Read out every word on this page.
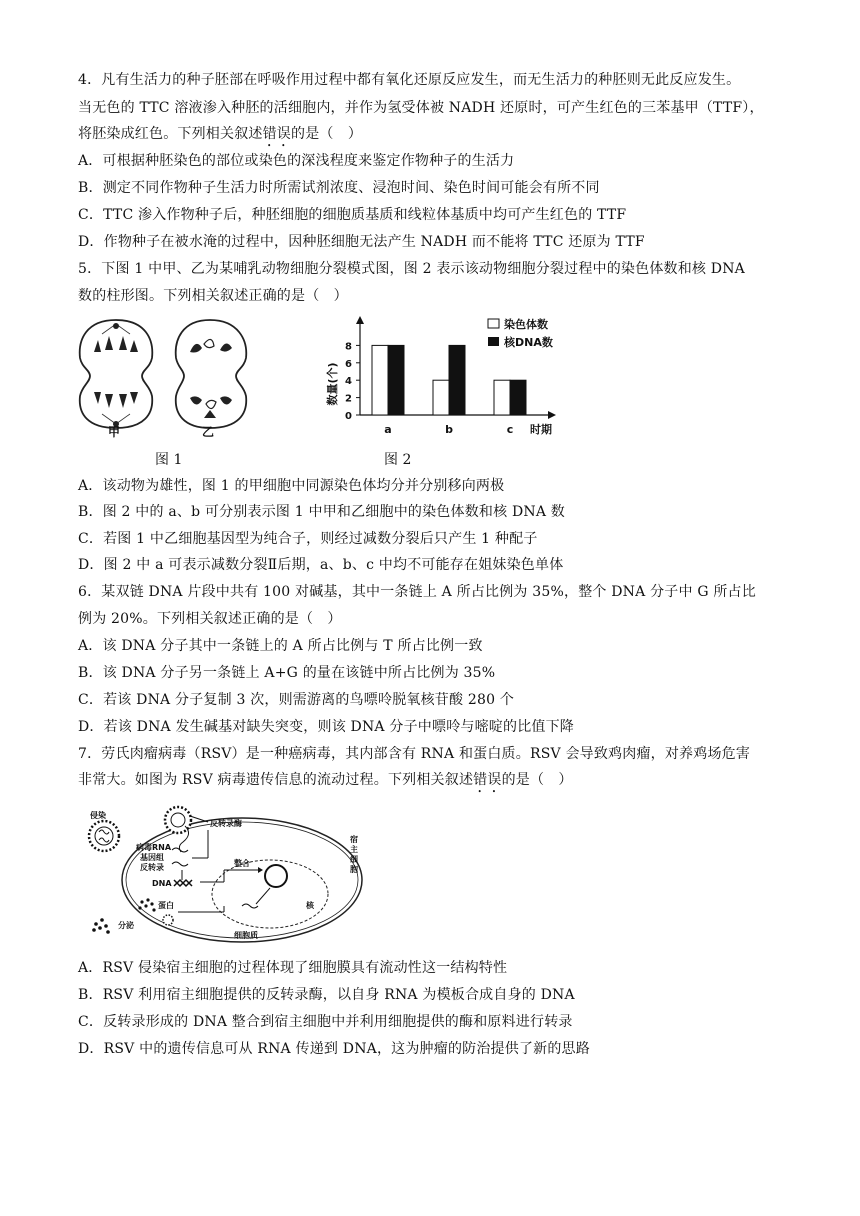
4．凡有生活力的种子胚部在呼吸作用过程中都有氧化还原反应发生，而无生活力的种胚则无此反应发生。
当无色的 TTC 溶液渗入种胚的活细胞内，并作为氢受体被 NADH 还原时，可产生红色的三苯基甲（TTF），
将胚染成红色。下列相关叙述错误的是（　）
A．可根据种胚染色的部位或染色的深浅程度来鉴定作物种子的生活力
B．测定不同作物种子生活力时所需试剂浓度、浸泡时间、染色时间可能会有所不同
C．TTC 渗入作物种子后，种胚细胞的细胞质基质和线粒体基质中均可产生红色的 TTF
D．作物种子在被水淹的过程中，因种胚细胞无法产生 NADH 而不能将 TTC 还原为 TTF
5．下图 1 中甲、乙为某哺乳动物细胞分裂模式图，图 2 表示该动物细胞分裂过程中的染色体数和核 DNA
数的柱形图。下列相关叙述正确的是（　）
甲	乙
图 1
数量(个)
0
2
4
6
8
a	b	c 时期
染色体数
核DNA数
图 2
A．该动物为雄性，图 1 的甲细胞中同源染色体均分并分别移向两极
B．图 2 中的 a、b 可分别表示图 1 中甲和乙细胞中的染色体数和核 DNA 数
C．若图 1 中乙细胞基因型为纯合子，则经过减数分裂后只产生 1 种配子
D．图 2 中 a 可表示减数分裂Ⅱ后期，a、b、c 中均不可能存在姐妹染色单体
6．某双链 DNA 片段中共有 100 对碱基，其中一条链上 A 所占比例为 35%，整个 DNA 分子中 G 所占比
例为 20%。下列相关叙述正确的是（　）
A．该 DNA 分子其中一条链上的 A 所占比例与 T 所占比例一致
B．该 DNA 分子另一条链上 A+G 的量在该链中所占比例为 35%
C．若该 DNA 分子复制 3 次，则需游离的鸟嘌呤脱氧核苷酸 280 个
D．若该 DNA 发生碱基对缺失突变，则该 DNA 分子中嘌呤与嘧啶的比值下降
7．劳氏肉瘤病毒（RSV）是一种癌病毒，其内部含有 RNA 和蛋白质。RSV 会导致鸡肉瘤，对养鸡场危害
非常大。如图为 RSV 病毒遗传信息的流动过程。下列相关叙述错误的是（　）
侵染
反转录酶
病毒RNA
基因组
反转录
DNA
整合
核
蛋白
分泌
细胞质
宿主细胞
A．RSV 侵染宿主细胞的过程体现了细胞膜具有流动性这一结构特性
B．RSV 利用宿主细胞提供的反转录酶，以自身 RNA 为模板合成自身的 DNA
C．反转录形成的 DNA 整合到宿主细胞中并利用细胞提供的酶和原料进行转录
D．RSV 中的遗传信息可从 RNA 传递到 DNA，这为肿瘤的防治提供了新的思路
